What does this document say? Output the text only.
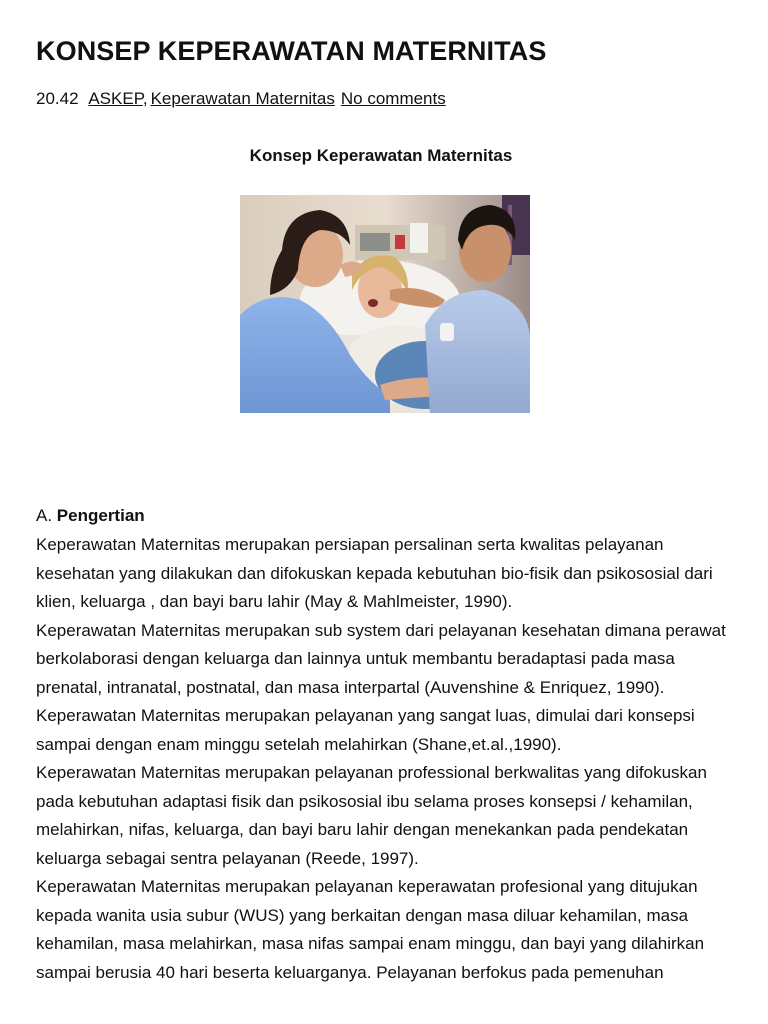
KONSEP KEPERAWATAN MATERNITAS
20.42 ASKEP, Keperawatan Maternitas No comments
Konsep Keperawatan Maternitas
A. Pengertian

Keperawatan Maternitas merupakan persiapan persalinan serta kwalitas pelayanan kesehatan yang dilakukan dan difokuskan kepada kebutuhan bio-fisik dan psikososial dari klien, keluarga , dan bayi baru lahir (May & Mahlmeister, 1990).

Keperawatan Maternitas merupakan sub system dari pelayanan kesehatan dimana perawat berkolaborasi dengan keluarga dan lainnya untuk membantu beradaptasi pada masa prenatal, intranatal, postnatal, dan masa interpartal (Auvenshine & Enriquez, 1990).

Keperawatan Maternitas merupakan pelayanan yang sangat luas, dimulai dari konsepsi sampai dengan enam minggu setelah melahirkan (Shane,et.al.,1990).

Keperawatan Maternitas merupakan pelayanan professional berkwalitas yang difokuskan pada kebutuhan adaptasi fisik dan psikososial ibu selama proses konsepsi / kehamilan, melahirkan, nifas, keluarga, dan bayi baru lahir dengan menekankan pada pendekatan keluarga sebagai sentra pelayanan (Reede, 1997).

Keperawatan Maternitas merupakan pelayanan keperawatan profesional yang ditujukan kepada wanita usia subur (WUS) yang berkaitan dengan masa diluar kehamilan, masa kehamilan, masa melahirkan, masa nifas sampai enam minggu, dan bayi yang dilahirkan sampai berusia 40 hari beserta keluarganya. Pelayanan berfokus pada pemenuhan
